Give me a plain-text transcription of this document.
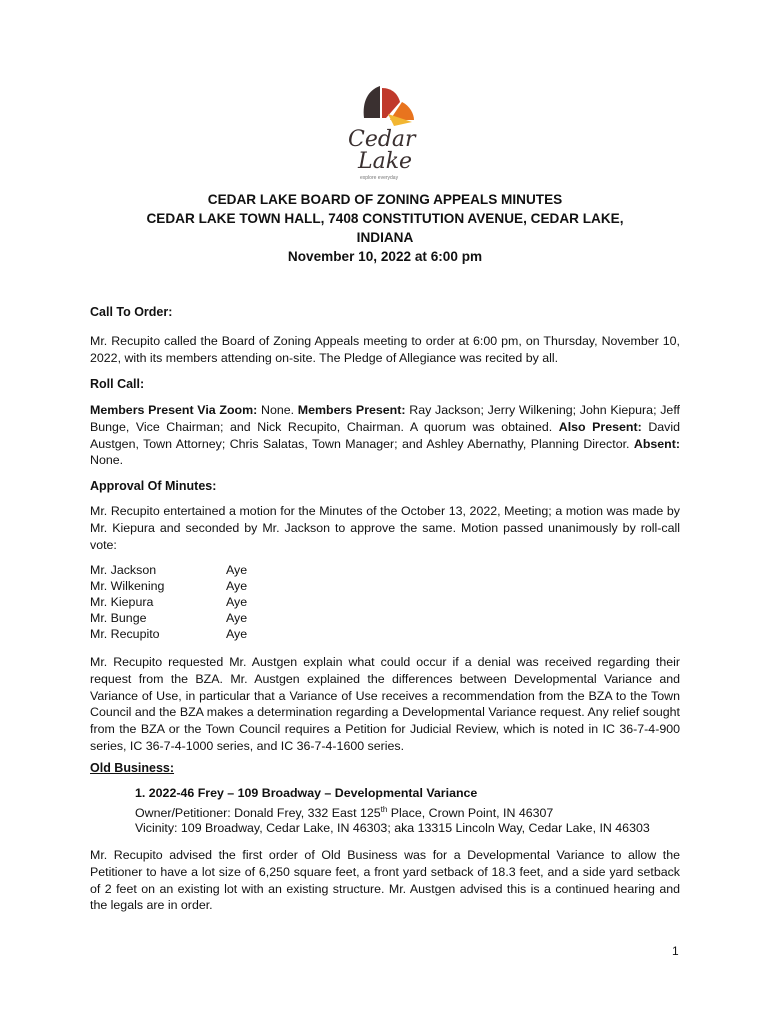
Cedar
Lake
explore everyday
CEDAR LAKE BOARD OF ZONING APPEALS MINUTES
CEDAR LAKE TOWN HALL, 7408 CONSTITUTION AVENUE, CEDAR LAKE,
INDIANA
November 10, 2022 at 6:00 pm
Call To Order:
Mr. Recupito called the Board of Zoning Appeals meeting to order at 6:00 pm, on Thursday, November 10, 2022, with its members attending on-site. The Pledge of Allegiance was recited by all.
Roll Call:
Members Present Via Zoom: None. Members Present: Ray Jackson; Jerry Wilkening; John Kiepura; Jeff Bunge, Vice Chairman; and Nick Recupito, Chairman. A quorum was obtained. Also Present: David Austgen, Town Attorney; Chris Salatas, Town Manager; and Ashley Abernathy, Planning Director. Absent: None.
Approval Of Minutes:
Mr. Recupito entertained a motion for the Minutes of the October 13, 2022, Meeting; a motion was made by Mr. Kiepura and seconded by Mr. Jackson to approve the same. Motion passed unanimously by roll-call vote:
Mr. Jackson	Aye
Mr. Wilkening	Aye
Mr. Kiepura	Aye
Mr. Bunge	Aye
Mr. Recupito	Aye
Mr. Recupito requested Mr. Austgen explain what could occur if a denial was received regarding their request from the BZA. Mr. Austgen explained the differences between Developmental Variance and Variance of Use, in particular that a Variance of Use receives a recommendation from the BZA to the Town Council and the BZA makes a determination regarding a Developmental Variance request. Any relief sought from the BZA or the Town Council requires a Petition for Judicial Review, which is noted in IC 36-7-4-900 series, IC 36-7-4-1000 series, and IC 36-7-4-1600 series.
Old Business:
1. 2022-46 Frey – 109 Broadway – Developmental Variance
Owner/Petitioner: Donald Frey, 332 East 125th Place, Crown Point, IN 46307
Vicinity: 109 Broadway, Cedar Lake, IN 46303; aka 13315 Lincoln Way, Cedar Lake, IN 46303
Mr. Recupito advised the first order of Old Business was for a Developmental Variance to allow the Petitioner to have a lot size of 6,250 square feet, a front yard setback of 18.3 feet, and a side yard setback of 2 feet on an existing lot with an existing structure. Mr. Austgen advised this is a continued hearing and the legals are in order.
1
